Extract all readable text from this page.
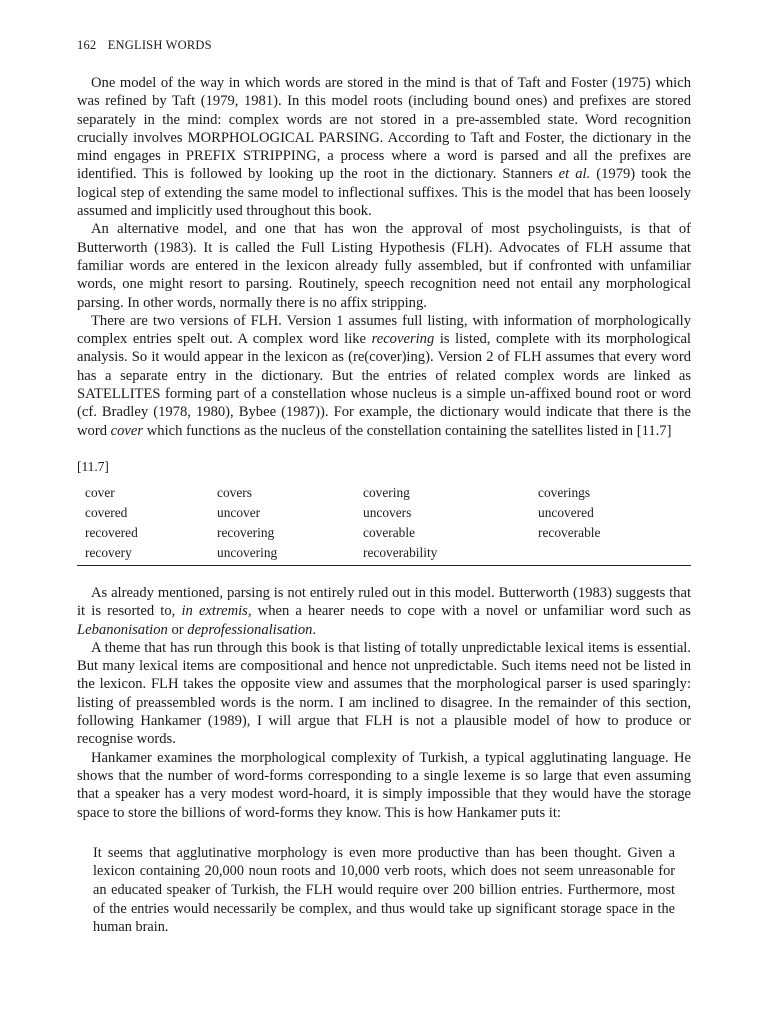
162 ENGLISH WORDS

One model of the way in which words are stored in the mind is that of Taft and Foster (1975) which was refined by Taft (1979, 1981). In this model roots (including bound ones) and prefixes are stored separately in the mind: complex words are not stored in a pre-assembled state. Word recognition crucially involves MORPHOLOGICAL PARSING. According to Taft and Foster, the dictionary in the mind engages in PREFIX STRIPPING, a process where a word is parsed and all the prefixes are identified. This is followed by looking up the root in the dictionary. Stanners et al. (1979) took the logical step of extending the same model to inflectional suffixes. This is the model that has been loosely assumed and implicitly used throughout this book.

An alternative model, and one that has won the approval of most psycholinguists, is that of Butterworth (1983). It is called the Full Listing Hypothesis (FLH). Advocates of FLH assume that familiar words are entered in the lexicon already fully assembled, but if confronted with unfamiliar words, one might resort to parsing. Routinely, speech recognition need not entail any morphological parsing. In other words, normally there is no affix stripping.

There are two versions of FLH. Version 1 assumes full listing, with information of morphologically complex entries spelt out. A complex word like recovering is listed, complete with its morphological analysis. So it would appear in the lexicon as (re(cover)ing). Version 2 of FLH assumes that every word has a separate entry in the dictionary. But the entries of related complex words are linked as SATELLITES forming part of a constellation whose nucleus is a simple un-affixed bound root or word (cf. Bradley (1978, 1980), Bybee (1987)). For example, the dictionary would indicate that there is the word cover which functions as the nucleus of the constellation containing the satellites listed in [11.7]

[11.7]
cover	covers	covering	coverings
covered	uncover	uncovers	uncovered
recovered	recovering	coverable	recoverable
recovery	uncovering	recoverability	

As already mentioned, parsing is not entirely ruled out in this model. Butterworth (1983) suggests that it is resorted to, in extremis, when a hearer needs to cope with a novel or unfamiliar word such as Lebanonisation or deprofessionalisation.

A theme that has run through this book is that listing of totally unpredictable lexical items is essential. But many lexical items are compositional and hence not unpredictable. Such items need not be listed in the lexicon. FLH takes the opposite view and assumes that the morphological parser is used sparingly: listing of preassembled words is the norm. I am inclined to disagree. In the remainder of this section, following Hankamer (1989), I will argue that FLH is not a plausible model of how to produce or recognise words.

Hankamer examines the morphological complexity of Turkish, a typical agglutinating language. He shows that the number of word-forms corresponding to a single lexeme is so large that even assuming that a speaker has a very modest word-hoard, it is simply impossible that they would have the storage space to store the billions of word-forms they know. This is how Hankamer puts it:

It seems that agglutinative morphology is even more productive than has been thought. Given a lexicon containing 20,000 noun roots and 10,000 verb roots, which does not seem unreasonable for an educated speaker of Turkish, the FLH would require over 200 billion entries. Furthermore, most of the entries would necessarily be complex, and thus would take up significant storage space in the human brain.
